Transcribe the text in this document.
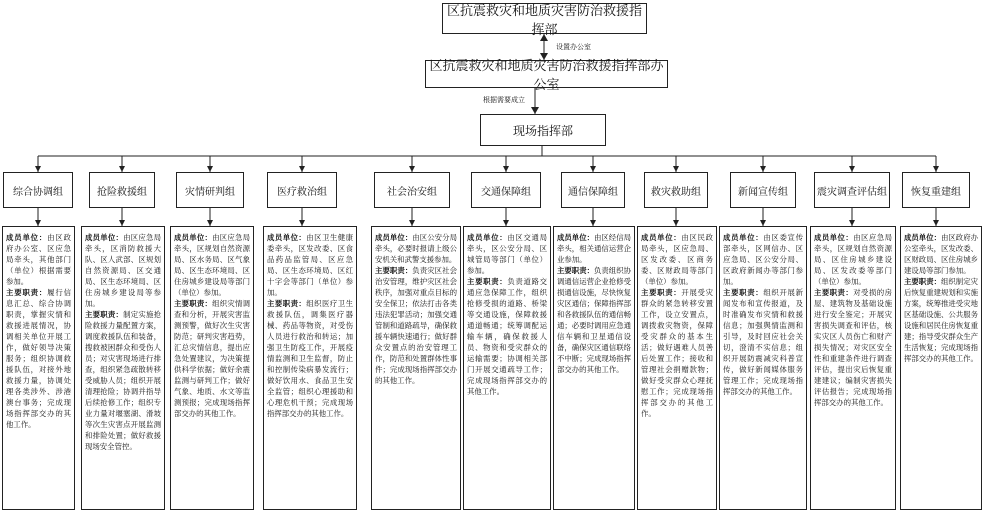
区抗震救灾和地质灾害防治救援指挥部
设置办公室
区抗震救灾和地质灾害防治救援指挥部办公室
根据需要成立
现场指挥部
综合协调组	抢险救援组	灾情研判组	医疗救治组	社会治安组	交通保障组	通信保障组	救灾救助组	新闻宣传组	震灾调查评估组 恢复重建组

成员单位：由区政府办公室、区应急局牵头，其他部门（单位）根据需要参加。

主要职责：履行信息汇总、综合协调职责，掌握灾情和救援进展情况，协调相关单位开展工作，做好领导决策服务；组织协调救援队伍，对接外地救援力量，协调处理各类涉外、涉港澳台事务；完成现场指挥部交办的其他工作。

成员单位：由区应急局牵头，区消防救援大队、区人武部、区规划自然资源局、区交通局、区生态环境局、区住房城乡建设局等参加。

主要职责：制定实施抢险救援力量配置方案，调度救援队伍和装备，搜救被困群众和受伤人员；对灾害现场进行排查，组织紧急疏散转移受威胁人员；组织开展清理抢险；协调并指导后续抢修工作；组织专业力量对堰塞湖、滑坡等次生灾害点开展监测和排险处置；做好救援现场安全管控。

成员单位：由区应急局牵头，区规划自然资源局、区水务局、区气象局、区生态环境局、区住房城乡建设局等部门（单位）参加。

主要职责：组织灾情调查和分析，开展灾害监测预警，做好次生灾害防范；研判灾害趋势，汇总灾情信息，提出应急处置建议，为决策提供科学依据；做好余震监测与研判工作；做好气象、地质、水文等监测预报；完成现场指挥部交办的其他工作。

成员单位：由区卫生健康委牵头，区发改委、区食品药品监管局、区应急局、区生态环境局、区红十字会等部门（单位）参加。

主要职责：组织医疗卫生救援队伍，调集医疗器械、药品等物资，对受伤人员进行救治和转运；加强卫生防疫工作，开展疫情监测和卫生监督，防止和控制传染病暴发流行；做好饮用水、食品卫生安全监管；组织心理援助和心理危机干预；完成现场指挥部交办的其他工作。

成员单位：由区公安分局牵头，必要时报请上级公安机关和武警支援参加。

主要职责：负责灾区社会治安管理，维护灾区社会秩序，加强对重点目标的安全保卫；依法打击各类违法犯罪活动；加强交通管制和道路疏导，确保救援车辆快速通行；做好群众安置点的治安管理工作，防范和处置群体性事件；完成现场指挥部交办的其他工作。

成员单位：由区交通局牵头，区公安分局、区城管局等部门（单位）参加。

主要职责：负责道路交通应急保障工作，组织抢修受损的道路、桥梁等交通设施，保障救援通道畅通；统筹调配运输车辆，确保救援人员、物资和受灾群众的运输需要；协调相关部门开展交通疏导工作；完成现场指挥部交办的其他工作。

成员单位：由区经信局牵头，相关通信运营企业参加。

主要职责：负责组织协调通信运营企业抢修受损通信设施，尽快恢复灾区通信；保障指挥部和各救援队伍的通信畅通；必要时调用应急通信车辆和卫星通信设备，确保灾区通信联络不中断；完成现场指挥部交办的其他工作。

成员单位：由区民政局牵头，区应急局、区发改委、区商务委、区财政局等部门（单位）参加。

主要职责：开展受灾群众的紧急转移安置工作，设立安置点，调拨救灾物资，保障受灾群众的基本生活；做好遇难人员善后处置工作；接收和管理社会捐赠款物；做好受灾群众心理抚慰工作；完成现场指挥部交办的其他工作。

成员单位：由区委宣传部牵头，区网信办、区应急局、区公安分局、区政府新闻办等部门参加。

主要职责：组织开展新闻发布和宣传报道，及时准确发布灾情和救援信息；加强舆情监测和引导，及时回应社会关切，澄清不实信息；组织开展防震减灾科普宣传，做好新闻媒体服务管理工作；完成现场指挥部交办的其他工作。

成员单位：由区应急局牵头，区规划自然资源局、区住房城乡建设局、区发改委等部门（单位）参加。

主要职责：对受损的房屋、建筑物及基础设施进行安全鉴定；开展灾害损失调查和评估，核实灾区人员伤亡和财产损失情况；对灾区安全性和重建条件进行调查评估，提出灾后恢复重建建议；编制灾害损失评估报告；完成现场指挥部交办的其他工作。

成员单位：由区政府办公室牵头，区发改委、区财政局、区住房城乡建设局等部门参加。

主要职责：组织制定灾后恢复重建规划和实施方案，统筹推进受灾地区基础设施、公共服务设施和居民住房恢复重建；指导受灾群众生产生活恢复；完成现场指挥部交办的其他工作。
